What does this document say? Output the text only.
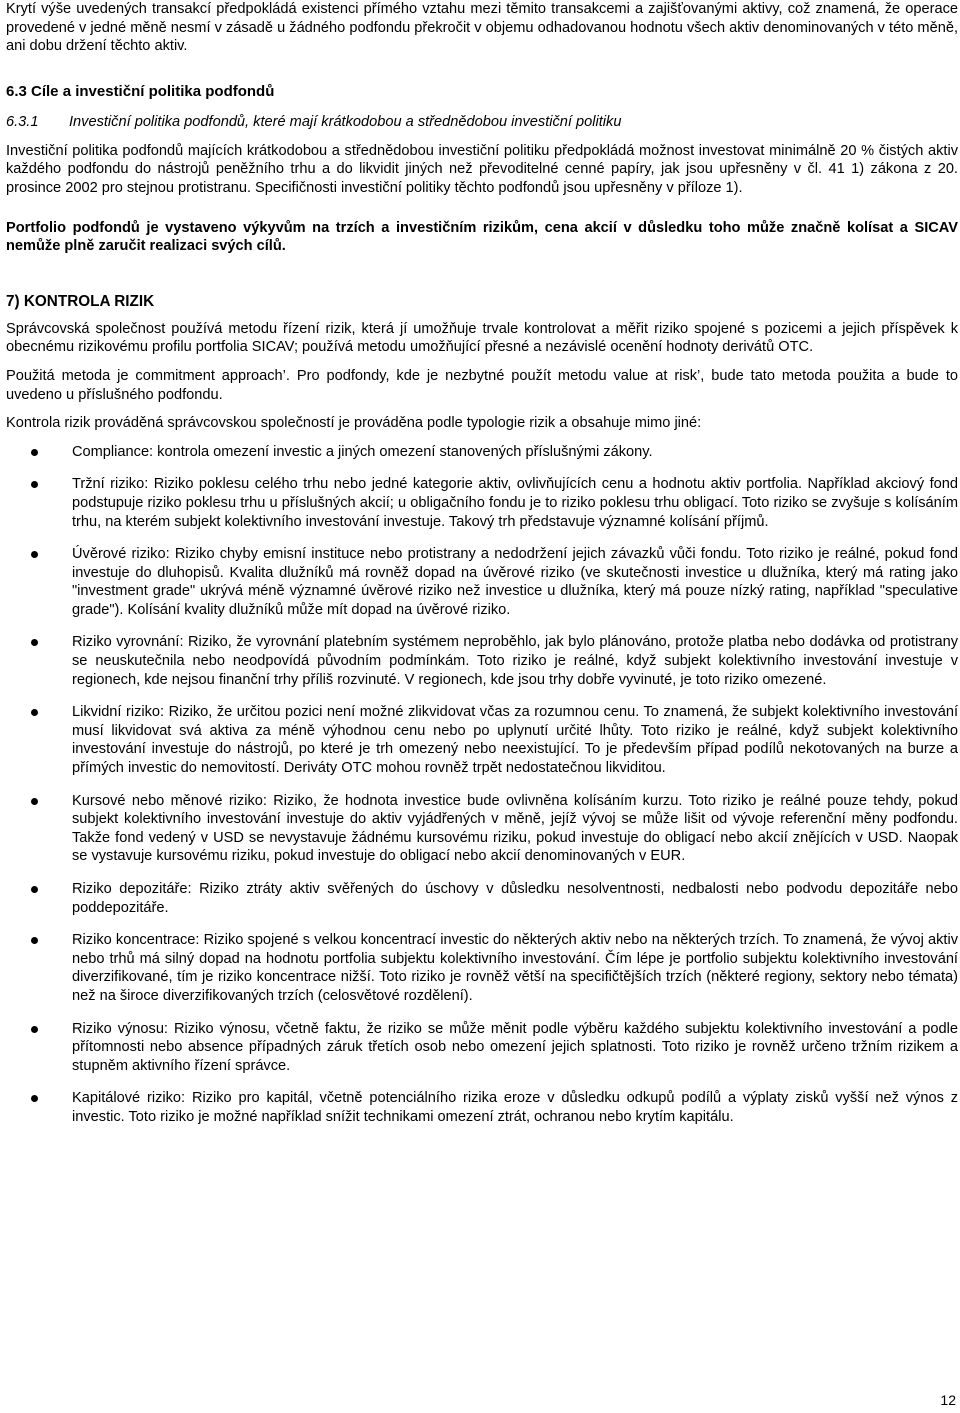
Krytí výše uvedených transakcí předpokládá existenci přímého vztahu mezi těmito transakcemi a zajišťovanými aktivy, což znamená, že operace provedené v jedné měně nesmí v zásadě u žádného podfondu překročit v objemu odhadovanou hodnotu všech aktiv denominovaných v této měně, ani dobu držení těchto aktiv.

6.3 Cíle a investiční politika podfondů
6.3.1	Investiční politika podfondů, které mají krátkodobou a střednědobou investiční politiku

Investiční politika podfondů majících krátkodobou a střednědobou investiční politiku předpokládá možnost investovat minimálně 20 % čistých aktiv každého podfondu do nástrojů peněžního trhu a do likvidit jiných než převoditelné cenné papíry, jak jsou upřesněny v čl. 41 1) zákona z 20. prosince 2002 pro stejnou protistranu. Specifičnosti investiční politiky těchto podfondů jsou upřesněny v příloze 1).

Portfolio podfondů je vystaveno výkyvům na trzích a investičním rizikům, cena akcií v důsledku toho může značně kolísat a SICAV nemůže plně zaručit realizaci svých cílů.

7) KONTROLA RIZIK

Správcovská společnost používá metodu řízení rizik, která jí umožňuje trvale kontrolovat a měřit riziko spojené s pozicemi a jejich příspěvek k obecnému rizikovému profilu portfolia SICAV; používá metodu umožňující přesné a nezávislé ocenění hodnoty derivátů OTC.

Použitá metoda je commitment approach’. Pro podfondy, kde je nezbytné použít metodu value at risk’, bude tato metoda použita a bude to uvedeno u příslušného podfondu.

Kontrola rizik prováděná správcovskou společností je prováděna podle typologie rizik a obsahuje mimo jiné:

Compliance: kontrola omezení investic a jiných omezení stanovených příslušnými zákony.

Tržní riziko: Riziko poklesu celého trhu nebo jedné kategorie aktiv, ovlivňujících cenu a hodnotu aktiv portfolia. Například akciový fond podstupuje riziko poklesu trhu u příslušných akcií; u obligačního fondu je to riziko poklesu trhu obligací. Toto riziko se zvyšuje s kolísáním trhu, na kterém subjekt kolektivního investování investuje. Takový trh představuje významné kolísání příjmů.

Úvěrové riziko: Riziko chyby emisní instituce nebo protistrany a nedodržení jejich závazků vůči fondu. Toto riziko je reálné, pokud fond investuje do dluhopisů. Kvalita dlužníků má rovněž dopad na úvěrové riziko (ve skutečnosti investice u dlužníka, který má rating jako "investment grade" ukrývá méně významné úvěrové riziko než investice u dlužníka, který má pouze nízký rating, například "speculative grade"). Kolísání kvality dlužníků může mít dopad na úvěrové riziko.

Riziko vyrovnání: Riziko, že vyrovnání platebním systémem neproběhlo, jak bylo plánováno, protože platba nebo dodávka od protistrany se neuskutečnila nebo neodpovídá původním podmínkám. Toto riziko je reálné, když subjekt kolektivního investování investuje v regionech, kde nejsou finanční trhy příliš rozvinuté. V regionech, kde jsou trhy dobře vyvinuté, je toto riziko omezené.

Likvidní riziko: Riziko, že určitou pozici není možné zlikvidovat včas za rozumnou cenu. To znamená, že subjekt kolektivního investování musí likvidovat svá aktiva za méně výhodnou cenu nebo po uplynutí určité lhůty. Toto riziko je reálné, když subjekt kolektivního investování investuje do nástrojů, po které je trh omezený nebo neexistující. To je především případ podílů nekotovaných na burze a přímých investic do nemovitostí. Deriváty OTC mohou rovněž trpět nedostatečnou likviditou.

Kursové nebo měnové riziko: Riziko, že hodnota investice bude ovlivněna kolísáním kurzu. Toto riziko je reálné pouze tehdy, pokud subjekt kolektivního investování investuje do aktiv vyjádřených v měně, jejíž vývoj se může lišit od vývoje referenční měny podfondu. Takže fond vedený v USD se nevystavuje žádnému kursovému riziku, pokud investuje do obligací nebo akcií znějících v USD. Naopak se vystavuje kursovému riziku, pokud investuje do obligací nebo akcií denominovaných v EUR.

Riziko depozitáře: Riziko ztráty aktiv svěřených do úschovy v důsledku nesolventnosti, nedbalosti nebo podvodu depozitáře nebo poddepozitáře.

Riziko koncentrace: Riziko spojené s velkou koncentrací investic do některých aktiv nebo na některých trzích. To znamená, že vývoj aktiv nebo trhů má silný dopad na hodnotu portfolia subjektu kolektivního investování. Čím lépe je portfolio subjektu kolektivního investování diverzifikované, tím je riziko koncentrace nižší. Toto riziko je rovněž větší na specifičtějších trzích (některé regiony, sektory nebo témata) než na široce diverzifikovaných trzích (celosvětové rozdělení).

Riziko výnosu: Riziko výnosu, včetně faktu, že riziko se může měnit podle výběru každého subjektu kolektivního investování a podle přítomnosti nebo absence případných záruk třetích osob nebo omezení jejich splatnosti. Toto riziko je rovněž určeno tržním rizikem a stupněm aktivního řízení správce.

Kapitálové riziko: Riziko pro kapitál, včetně potenciálního rizika eroze v důsledku odkupů podílů a výplaty zisků vyšší než výnos z investic. Toto riziko je možné například snížit technikami omezení ztrát, ochranou nebo krytím kapitálu.

12
